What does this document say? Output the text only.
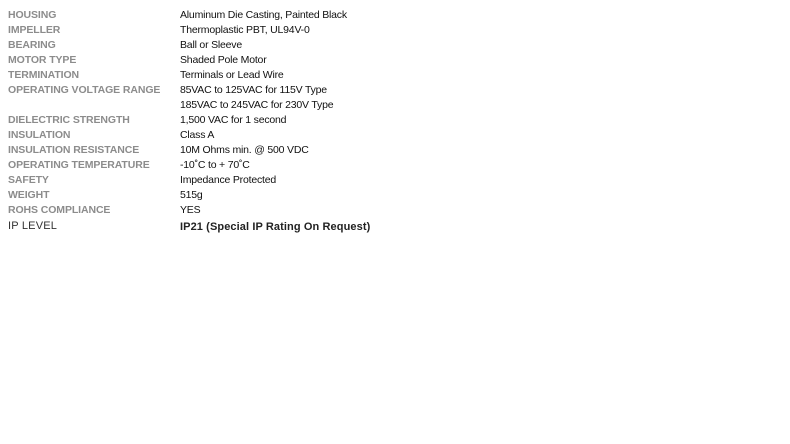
HOUSING	Aluminum Die Casting, Painted Black
IMPELLER	Thermoplastic PBT, UL94V-0
BEARING	Ball or Sleeve
MOTOR TYPE	Shaded Pole Motor
TERMINATION	Terminals or Lead Wire
OPERATING VOLTAGE RANGE	85VAC to 125VAC for 115V Type
185VAC to 245VAC for 230V Type
DIELECTRIC STRENGTH	1,500 VAC for 1 second
INSULATION	Class A
INSULATION RESISTANCE	10M Ohms min. @ 500 VDC
OPERATING TEMPERATURE	-10˚C to + 70˚C
SAFETY	Impedance Protected
WEIGHT	515g
ROHS COMPLIANCE	YES
IP LEVEL	IP21 (Special IP Rating On Request)
